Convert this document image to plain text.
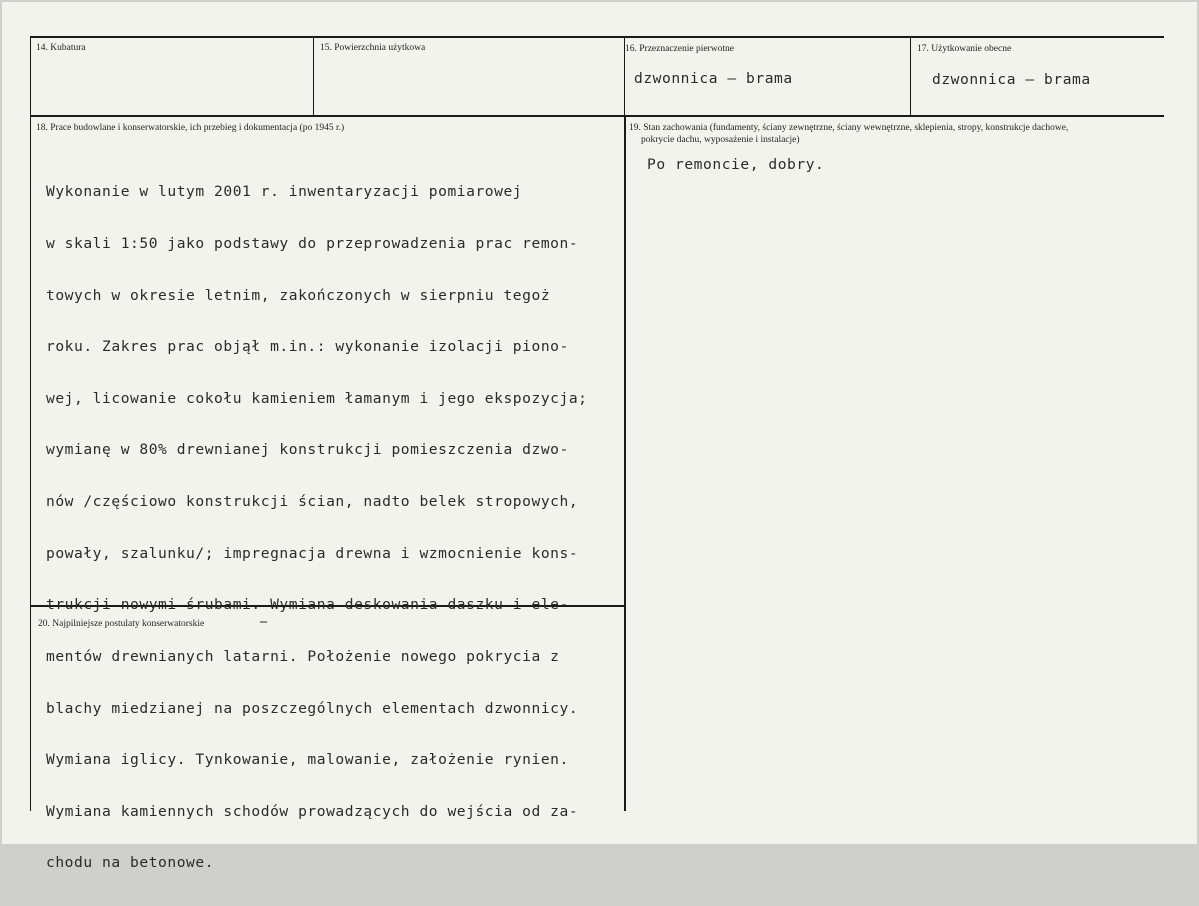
14. Kubatura	15. Powierzchnia użytkowa	16. Przeznaczenie pierwotne
dzwonnica – brama
17. Użytkowanie obecne
dzwonnica – brama
18. Prace budowlane i konserwatorskie, ich przebieg i dokumentacja (po 1945 r.)

Wykonanie w lutym 2001 r. inwentaryzacji pomiarowej

w skali 1:50 jako podstawy do przeprowadzenia prac remon-

towych w okresie letnim, zakończonych w sierpniu tegoż

roku. Zakres prac objął m.in.: wykonanie izolacji piono-

wej, licowanie cokołu kamieniem łamanym i jego ekspozycja;

wymianę w 80% drewnianej konstrukcji pomieszczenia dzwo-

nów /częściowo konstrukcji ścian, nadto belek stropowych,

powały, szalunku/; impregnacja drewna i wzmocnienie kons-

trukcji nowymi śrubami. Wymiana deskowania daszku i ele-

mentów drewnianych latarni. Położenie nowego pokrycia z

blachy miedzianej na poszczególnych elementach dzwonnicy.

Wymiana iglicy. Tynkowanie, malowanie, założenie rynien.

Wymiana kamiennych schodów prowadzących do wejścia od za-

chodu na betonowe.

19. Stan zachowania (fundamenty, ściany zewnętrzne, ściany wewnętrzne, sklepienia, stropy, konstrukcje dachowe,
pokrycie dachu, wyposażenie i instalacje)
Po remoncie, dobry.
20. Najpilniejsze postulaty konserwatorskie	–
